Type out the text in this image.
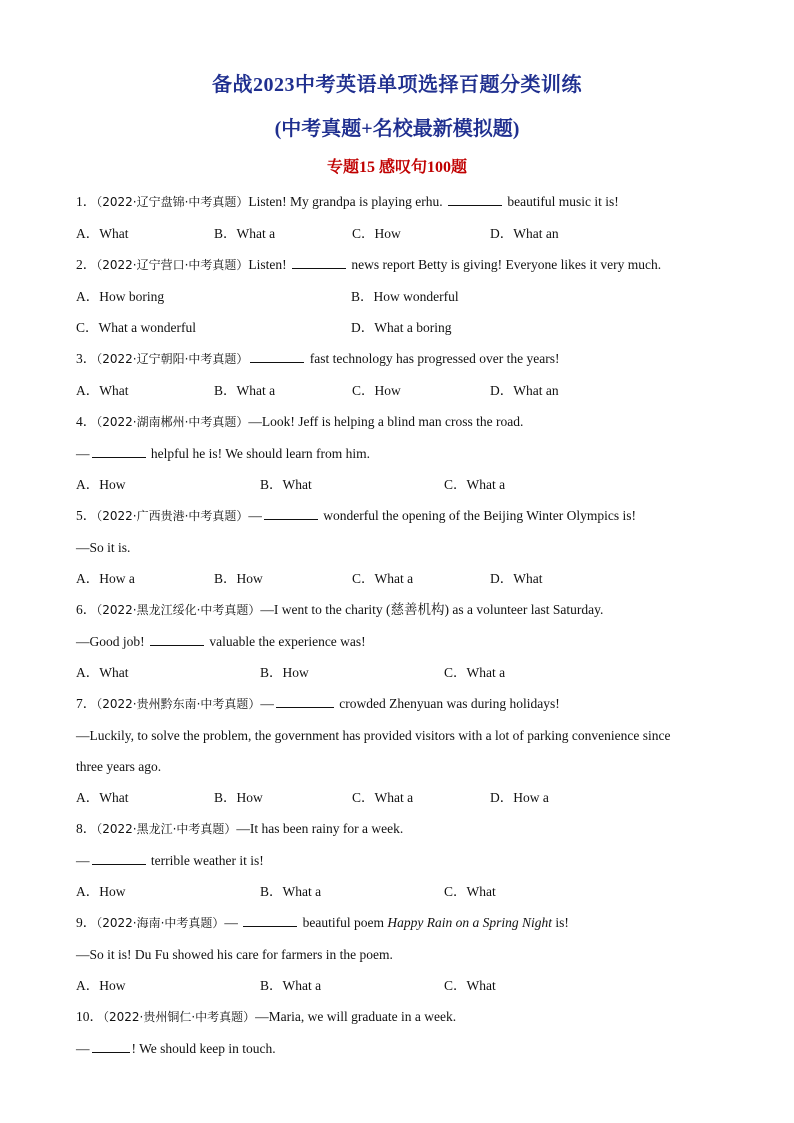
备战2023中考英语单项选择百题分类训练
(中考真题+名校最新模拟题)
专题15 感叹句100题
1．（2022·辽宁盘锦·中考真题）Listen! My grandpa is playing erhu.	beautiful music it is!
A．What	B．What a	C．How	D．What an
2．（2022·辽宁营口·中考真题）Listen!	news report Betty is giving! Everyone likes it very much.
A．How boring	B．How wonderful
C．What a wonderful	D．What a boring
3．（2022·辽宁朝阳·中考真题）	fast technology has progressed over the years!
A．What	B．What a	C．How	D．What an
4．（2022·湖南郴州·中考真题）—Look! Jeff is helping a blind man cross the road.
—	helpful he is! We should learn from him.
A．How	B．What	C．What a
5．（2022·广西贵港·中考真题）—	wonderful the opening of the Beijing Winter Olympics is!
—So it is.
A．How a	B．How	C．What a	D．What
6．（2022·黑龙江绥化·中考真题）—I went to the charity (慈善机构) as a volunteer last Saturday.
—Good job!	valuable the experience was!
A．What	B．How	C．What a
7．（2022·贵州黔东南·中考真题）—	crowded Zhenyuan was during holidays!
—Luckily, to solve the problem, the government has provided visitors with a lot of parking convenience since
three years ago.
A．What	B．How	C．What a	D．How a
8．（2022·黑龙江·中考真题）—It has been rainy for a week.
—	terrible weather it is!
A．How	B．What a	C．What
9．（2022·海南·中考真题）—	beautiful poem Happy Rain on a Spring Night is!
—So it is! Du Fu showed his care for farmers in the poem.
A．How	B．What a	C．What
10．（2022·贵州铜仁·中考真题）—Maria, we will graduate in a week.
—	! We should keep in touch.
